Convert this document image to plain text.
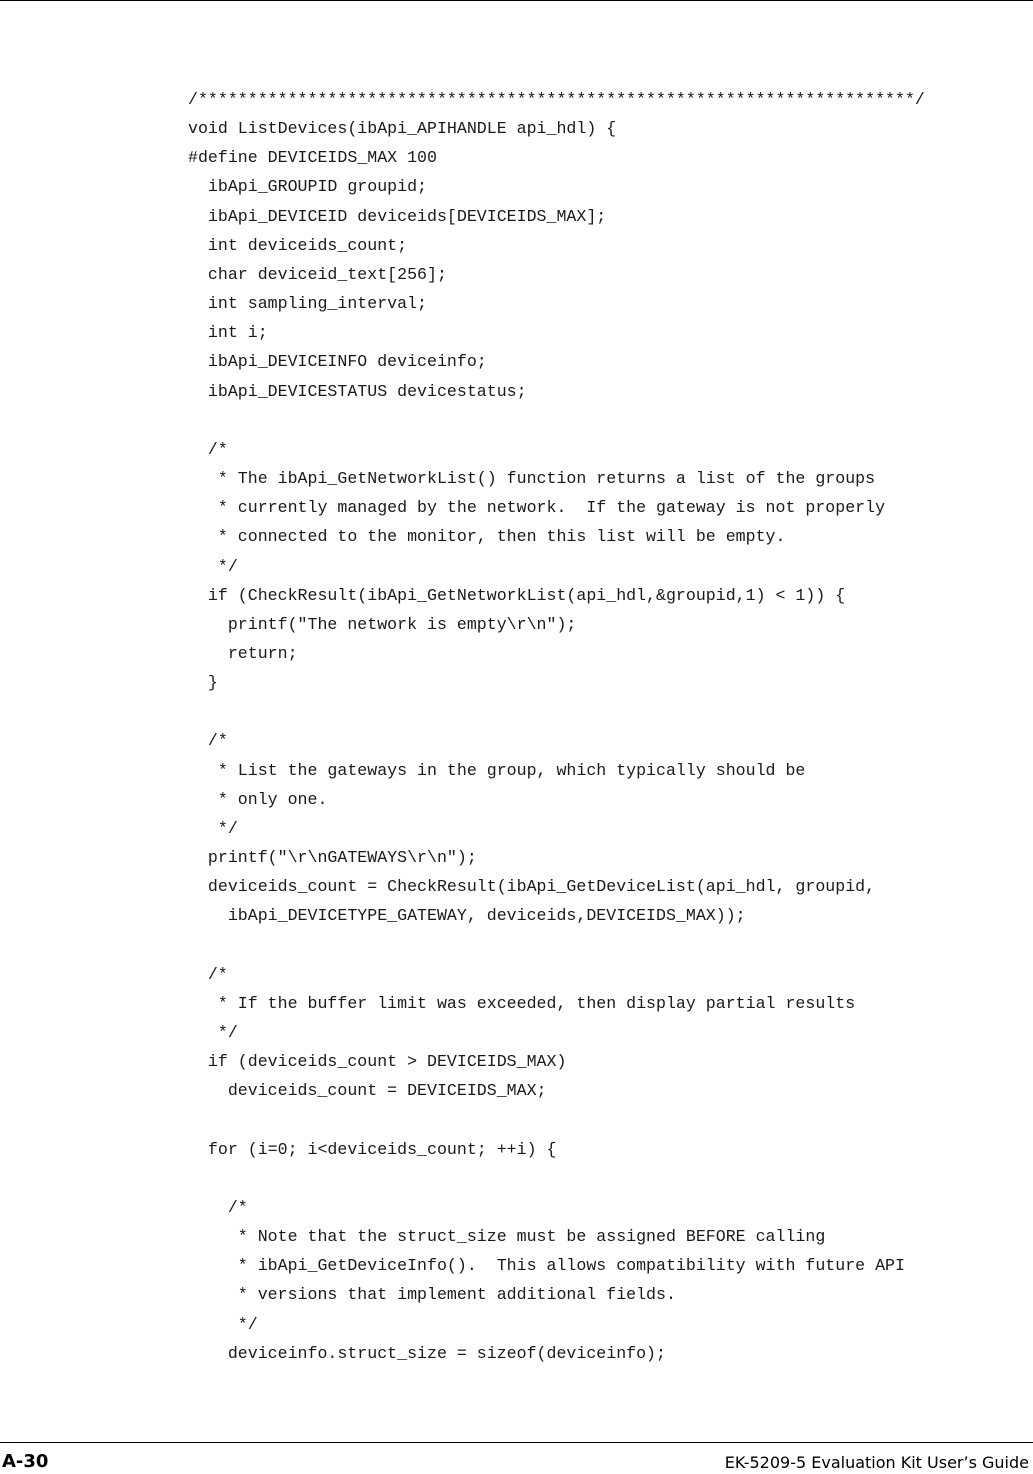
/************************************************************************/
void ListDevices(ibApi_APIHANDLE api_hdl) {
#define DEVICEIDS_MAX 100
ibApi_GROUPID groupid;
ibApi_DEVICEID deviceids[DEVICEIDS_MAX];
int deviceids_count;
char deviceid_text[256];
int sampling_interval;
int i;
ibApi_DEVICEINFO deviceinfo;
ibApi_DEVICESTATUS devicestatus;
/*
* The ibApi_GetNetworkList() function returns a list of the groups
* currently managed by the network.  If the gateway is not properly
* connected to the monitor, then this list will be empty.
*/
if (CheckResult(ibApi_GetNetworkList(api_hdl,&groupid,1) < 1)) {
printf("The network is empty\r\n");
return;
}
/*
* List the gateways in the group, which typically should be
* only one.
*/
printf("\r\nGATEWAYS\r\n");
deviceids_count = CheckResult(ibApi_GetDeviceList(api_hdl, groupid,
ibApi_DEVICETYPE_GATEWAY, deviceids,DEVICEIDS_MAX));
/*
* If the buffer limit was exceeded, then display partial results
*/
if (deviceids_count > DEVICEIDS_MAX)
deviceids_count = DEVICEIDS_MAX;
for (i=0; i<deviceids_count; ++i) {
/*
* Note that the struct_size must be assigned BEFORE calling
* ibApi_GetDeviceInfo().  This allows compatibility with future API
* versions that implement additional fields.
*/
deviceinfo.struct_size = sizeof(deviceinfo);
A-30	EK-5209-5 Evaluation Kit User’s Guide
